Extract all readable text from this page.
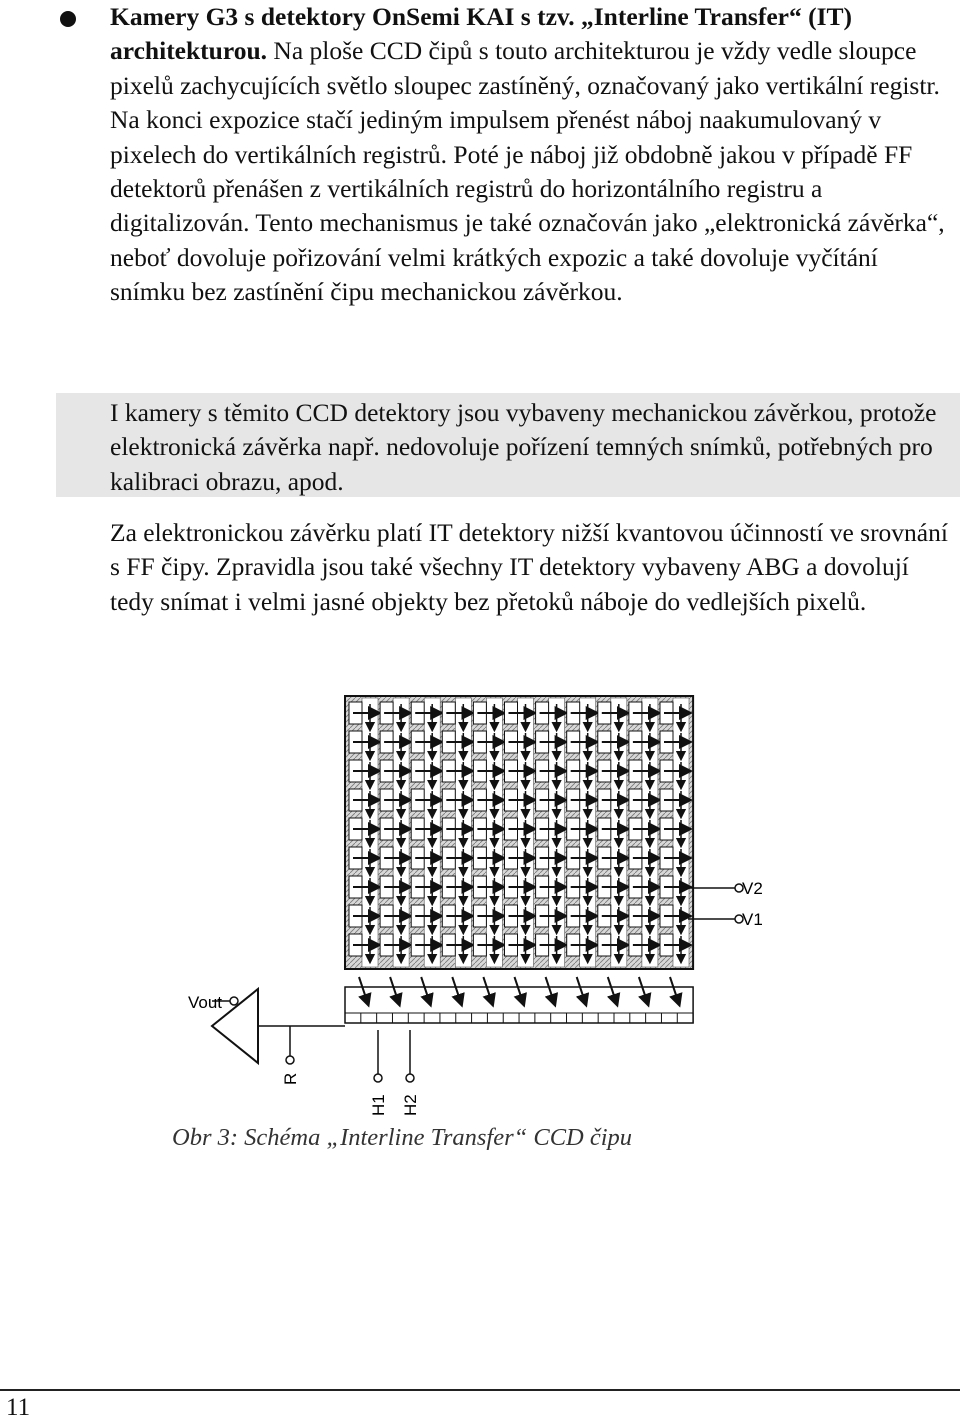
Kamery G3 s detektory OnSemi KAI s tzv. „Interline Transfer“ (IT) architekturou. Na ploše CCD čipů s touto architekturou je vždy vedle sloupce pixelů zachycujících světlo sloupec zastíněný, označovaný jako vertikální registr. Na konci expozice stačí jediným impulsem přenést náboj naakumulovaný v pixelech do vertikálních registrů. Poté je náboj již obdobně jakou v případě FF detektorů přenášen z vertikálních registrů do horizontálního registru a digitalizován. Tento mechanismus je také označován jako „elektronická závěrka“, neboť dovoluje pořizování velmi krátkých expozic a také dovoluje vyčítání snímku bez zastínění čipu mechanickou závěrkou.

I kamery s těmito CCD detektory jsou vybaveny mechanickou závěrkou, protože elektronická závěrka např. nedovoluje pořízení temných snímků, potřebných pro kalibraci obrazu, apod.

Za elektronickou závěrku platí IT detektory nižší kvantovou účinností ve srovnání s FF čipy. Zpravidla jsou také všechny IT detektory vybaveny ABG a dovolují tedy snímat i velmi jasné objekty bez přetoků náboje do vedlejších pixelů.

V2
V1
Vout
R
H1 H2
Obr 3: Schéma „Interline Transfer“ CCD čipu
11
